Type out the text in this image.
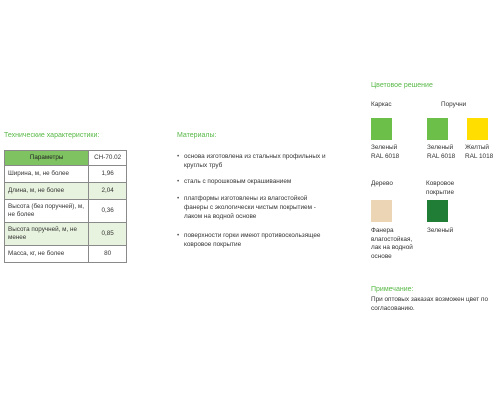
Технические характеристики:
Параметры	CH-70.02
Ширина, м, не более	1,96
Длина, м, не более	2,04
Высота (без поручней), м, не более	0,36
Высота поручней, м, не менее	0,85
Масса, кг, не более	80
Материалы:
• основа изготовлена из стальных профильных и круглых труб
• сталь с порошковым окрашиванием
• платформы изготовлены из влагостойкой фанеры с экологически чистым покрытием - лаком на водной основе
• поверхности горки имеют противоскользящее ковровое покрытие
Цветовое решение
Каркас	Поручни
Зеленый RAL 6018
Зеленый RAL 6018
Желтый RAL 1018
Дерево	Ковровое покрытие
Фанера влагостойкая, лак на водной основе
Зеленый
Примечание:
При оптовых заказах возможен цвет по согласованию.
